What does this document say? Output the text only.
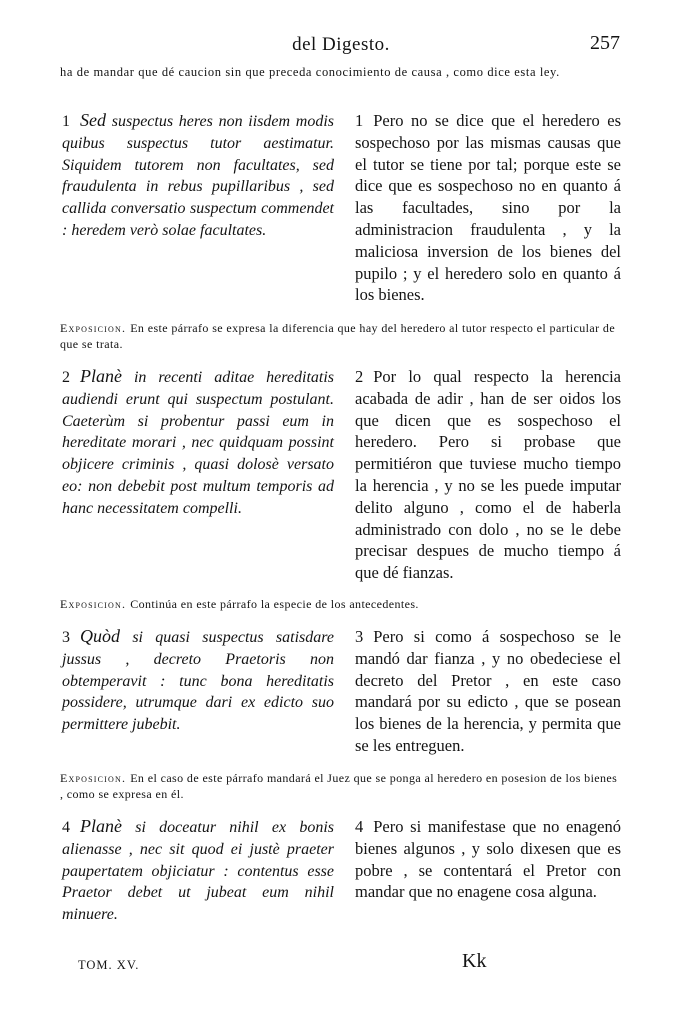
del Digesto.	257
ha de mandar que dé caucion sin que preceda conocimiento de causa , como dice esta ley.

1 Sed suspectus heres non iisdem modis quibus suspectus tutor aestimatur. Siquidem tutorem non facultates, sed fraudulenta in rebus pupillaribus , sed callida conversatio suspectum commendet : heredem verò solae facultates.

1 Pero no se dice que el heredero es sospechoso por las mismas causas que el tutor se tiene por tal; porque este se dice que es sospechoso no en quanto á las facultades, sino por la administracion fraudulenta , y la maliciosa inversion de los bienes del pupilo ; y el heredero solo en quanto á los bienes.

Exposicion. En este párrafo se expresa la diferencia que hay del heredero al tutor respecto el particular de que se trata.

2 Planè in recenti aditae hereditatis audiendi erunt qui suspectum postulant. Caeterùm si probentur passi eum in hereditate morari , nec quidquam possint objicere criminis , quasi dolosè versato eo: non debebit post multum temporis ad hanc necessitatem compelli.

2 Por lo qual respecto la herencia acabada de adir , han de ser oidos los que dicen que es sospechoso el heredero. Pero si probase que permitiéron que tuviese mucho tiempo la herencia , y no se les puede imputar delito alguno , como el de haberla administrado con dolo , no se le debe precisar despues de mucho tiempo á que dé fianzas.

Exposicion. Continúa en este párrafo la especie de los antecedentes.

3 Quòd si quasi suspectus satisdare jussus , decreto Praetoris non obtemperavit : tunc bona hereditatis possidere, utrumque dari ex edicto suo permittere jubebit.

3 Pero si como á sospechoso se le mandó dar fianza , y no obedeciese el decreto del Pretor , en este caso mandará por su edicto , que se posean los bienes de la herencia, y permita que se les entreguen.

Exposicion. En el caso de este párrafo mandará el Juez que se ponga al heredero en posesion de los bienes , como se expresa en él.

4 Planè si doceatur nihil ex bonis alienasse , nec sit quod ei justè praeter paupertatem objiciatur : contentus esse Praetor debet ut jubeat eum nihil minuere.

4 Pero si manifestase que no enagenó bienes algunos , y solo dixesen que es pobre , se contentará el Pretor con mandar que no enagene cosa alguna.

TOM. XV.	Kk
